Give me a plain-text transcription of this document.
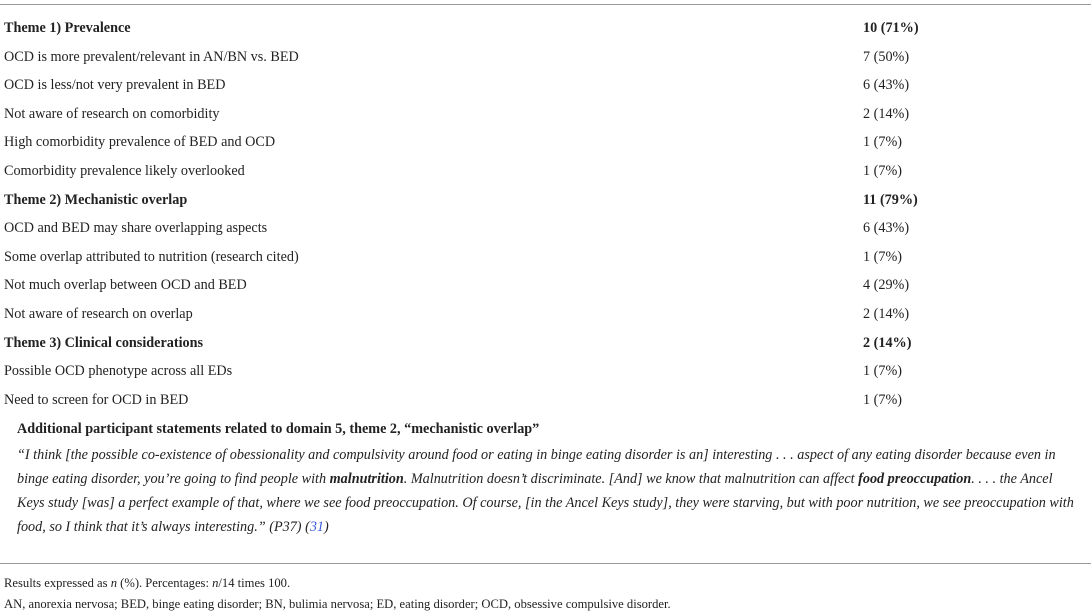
Theme 1) Prevalence	10 (71%)
OCD is more prevalent/relevant in AN/BN vs. BED	7 (50%)
OCD is less/not very prevalent in BED	6 (43%)
Not aware of research on comorbidity	2 (14%)
High comorbidity prevalence of BED and OCD	1 (7%)
Comorbidity prevalence likely overlooked	1 (7%)
Theme 2) Mechanistic overlap	11 (79%)
OCD and BED may share overlapping aspects	6 (43%)
Some overlap attributed to nutrition (research cited)	1 (7%)
Not much overlap between OCD and BED	4 (29%)
Not aware of research on overlap	2 (14%)
Theme 3) Clinical considerations	2 (14%)
Possible OCD phenotype across all EDs	1 (7%)
Need to screen for OCD in BED	1 (7%)
Additional participant statements related to domain 5, theme 2, “mechanistic overlap”
“I think [the possible co-existence of obessionality and compulsivity around food or eating in binge eating disorder is an] interesting . . . aspect of any eating disorder because even in binge eating disorder, you’re going to find people with malnutrition. Malnutrition doesn’t discriminate. [And] we know that malnutrition can affect food preoccupation. . . . the Ancel Keys study [was] a perfect example of that, where we see food preoccupation. Of course, [in the Ancel Keys study], they were starving, but with poor nutrition, we see preoccupation with food, so I think that it’s always interesting.” (P37) (31)
Results expressed as n (%). Percentages: n/14 times 100.
AN, anorexia nervosa; BED, binge eating disorder; BN, bulimia nervosa; ED, eating disorder; OCD, obsessive compulsive disorder.
